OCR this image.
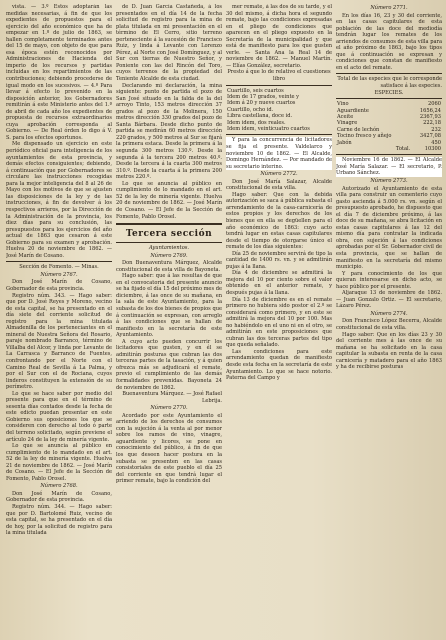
vista. — 3.º Éstos adoptarán las medidas necesarias, á fin de que los expedientes de propuestos para el ejercicio del año económico que ha de empezar en 1.º de julio de 1863, se hallen completamente terminados antes del 15 de mayo, con objeto de que para esa época estén reconocidos por Administraciones de Hacienda del imperio de los recursos y partidas incluidas en los repartimientos de las contribuciones; debiendo procederse de igual modo en los sucesivos. — 4.º Para llevar á efecto lo prevenido en la disposición anterior, los Gobernadores remitirán á este Ministerio antes del 1.º de abril de cada año los expedientes de propuesta de recursos extraordinarios cuya aprobación corresponda al Gobierno. — De Real órden lo digo á V. S. para los efectos oportunos.

Me dispensado un ejercicio en este periódico oficial para inteligencia de los ayuntamientos de esta provincia, y demás efectos consiguientes; debiendo, á continuación que por Gobernadores se circulare las instrucciones recogidas para la mejor inteligencia del 8 al 26 de Mayo con los motivos de que se ajusten las disposiciones de la ley y de las instrucciones, á fin de devolver á los respectivos arrieros, por la Dirección de la Administración de la provincia, los diez días para su conclusión, las presupuestos para los ejercicios del año actual de 1863 que cesaron á este Gobierno para su examen y aprobación. Huelva 20 de noviembre de 1862. — José Marín de Cosano.

Sección de Fomento. — Minas.

Número 2767.

Don José Marín de Cosano, Gobernador de esta provincia.

Registro núm. 343. — Hago saber: que por D. José Reyes y Moreno, vecino de esta capital, se ha presentado en el día siete del corriente solicitud de registro para la mina titulada Almadenilla de los perteneciantes en el mineral de Nuestra Señora del Rosario, paraje nombrado Barranco, término de Villalba del Alcor, y linda por Levante de La Carrasca y Barranco de Fuentes, confrontando por el Norte con el Camino Real de Sevilla á La Palma, y por el Sur con el de Rociana, cuyos linderos constituyen la extensión de su perímetro.

Lo que se hace saber por medio del presente para que en el término de sesenta días contados desde la fecha de este edicto puedan presentar en este Gobierno sus oposiciones los que se consideren con derecho al todo ó parte del terreno solicitado, según previene el artículo 24 de la ley de minería vigente.

Lo que se anuncia al público en cumplimiento de lo mandado en el art. 52 de la ley de minería vigente. Huelva 21 de noviembre de 1862. — José Marín de Cosano. — El Jefe de la Sección de Fomento, Pablo Orosel.

Número 2768.

Don José Marín de Cosano, Gobernador de esta provincia.

Registro núm. 344. — Hago saber: que por D. Bartolomé Ruiz, vecino de esta capital, se ha presentado en el día de hoy, por la solicitud de registro para la mina titulada

de D. Juan García Castañeda, á los presentados en el día 14 de la fecha solicitud de registro para la mina de plata titulada en mi presentación en el término de El Cerro, sitio terreno perteneciente á la sucesión de Francisco Ruiz, y linda á Levante con Lorenzo Pérez, al Norte con José Domínguez, y al Sur con tierras de Nuestro Señor, y Poniente con las del Rincón del Toro, cuyos terrenos de la propiedad del Teniente Alcalde de esta ciudad.

Declarando mi declaración, la mina siguiente: punto de partida el pozo de San José situado en la falda de la del arroyo Tinto, 153 metros dirección 37 grados al pozo de la Molinera, 150 metros dirección 330 grados del pozo de Santa Bárbara. Desde dicho punto de partida se medirán 60 metros dirección 220 grados, y 500 metros al Sur se fijará la primera estaca. Desde la primera á la segunda 300 metros 130.º. Desde la segunda á la tercera 200 metros 40.º. Desde la tercera á la cuarta 300 metros 310.º. Desde la cuarta á la primera 200 metros 220.º.

Lo que se anuncia al público en cumplimiento de lo mandado en el art. 52 de la ley de minería vigente. Huelva 20 de noviembre de 1862. — José Marín de Cosano. — El Jefe de la Sección de Fomento, Pablo Orosel.

Tercera sección

Ayuntamientos.

Número 2769.

Don Buenaventura Márquez, Alcalde constitucional de esta villa de Bayoneta.

Hago saber: que á las resultas de que en el convocatoria del presente anuncio se ha fijado el día 15 del próximo mes de diciembre, á las once de su mañana, en la sala de este Ayuntamiento, para la subasta de los dos bienes de propios que á continuación se expresan, con arreglo á las condiciones que se hallan de manifiesto en la secretaría de este Ayuntamiento.

A cuyo acto pueden concurrir los licitadores que gusten, y en él se admitirán posturas que cubran las dos terceras partes de la tasación, y á quien ofrezca más se adjudicará el remate, previo el cumplimiento de las demás formalidades prevenidas. Bayoneta 24 de noviembre de 1862.

Buenaventura Márquez. — José Rafael Lebrija.

Número 2770.

Acordado por este Ayuntamiento el arriendo de los derechos de consumos con la sujeción á la venta al por menor sobre los ramos de vino, vinagre, aguardiente y licores, se pone en conocimiento del público, á fin de que los que deseen hacer postura en la subasta se presenten en las casas consistoriales de este pueblo el día 25 del corriente en que tendrá lugar el primer remate, bajo la condición del

mer remate, á las dos de su tarde, y el 30 del mismo, á dicha hora el segundo remate, bajo las condiciones expresadas en el pliego de condiciones que aparecen en el pliego expuesto en la Secretaría de la municipalidad y que está de manifiesto para los que gusten verle. — Santa Ana la Real 14 de noviembre de 1862. — Manuel Martín. — Elías González, secretario.

Presto á que lo de relativo el cuestiones libro

Cuartillo, seis cuartos
Idem de 17 grados, veinte y
Idem á 20 y nueve cuartos
Cuartillo, ocho id.
Libra castellana, doce id.
Idem idem, dos reales.
Idem idem, veinticuatro cuartos

Y para la concurrencia de licitadores se fija el presente. Valdelarco y noviembre 10 de 1862. — El Alcalde, Domingo Hernández. — Por mandado de su secretario interino.

Número 2772.

Don José María Salazar, Alcalde constitucional de esta villa.

Hago saber: Que con la debida autorización se saca á pública subasta el arrendamiento de la casa-carnicería de estos propios y los derechos de los bienes que en ella se degüellen para el año económico de 1863: cuyo acto tendrá lugar en estas casas capitulares desde el tiempo de otorgarse único el remate de los días siguientes:

Día 25 de noviembre servirá de tipo la cantidad de 1400 rs. vn. y se admitirán pujas á la llana.

Día 4 de diciembre se admitirá la mejora del 10 por ciento sobre el valor obtenido en el anterior remate, y después pujas á la llana.

Día 13 de diciembre es en el remate primero no hubiera sido postor el 2.º se considerará como primero, y en este se admitirá la mejora del 10 por 100. Mas no habiéndolo en el uno ni en el otro, se admitirán en este proposiciones que cubran las dos terceras partes del tipo que queda señalado.

Las condiciones para este arrendamiento quedan de manifiesto desde esta fecha en la secretaría de este Ayuntamiento. Lo que se hace notorio. Paterna del Campo y

Número 2771.

En los días 16, 23 y 30 del corriente, en las casas capitulares de esta población de las doce del mediodía tendrán lugar los remates de los arriendos de consumos de esta villa para el año próximo de 1863, bajo los tipos que á continuación se expresan y condiciones que constan de manifiesto en el acto del remate.

Total de las especies que le corresponde satisface á las especies.

ESPECIES.

Vino	2060
Aguardiente	1656,24
Aceite	2367,93
Vinagre	222,18
Carne de lechón	232
Tocino fresco y añejo	3427,08
Jabón	450
Total.	10300

Noviembre 16 de 1862. — El Alcalde José María Salazar. — El secretario, P. Urbano Sánchez.

Número 2773.

Autorizado el Ayuntamiento de esta villa para construir un cementerio cuyo gasto ascienda á 5.000 rs. vn. según el presupuesto aprobado, he dispuesto que el día 7 de diciembre próximo, á las doce de su mañana, se abra licitación en estas casas capitulares á las 12 del mismo día para contratar la indicada obra, con sujeción á las condiciones aprobadas por el Sr. Gobernador civil de esta provincia, que se hallan de manifiesto en la secretaría del mismo municipio.

Y para conocimiento de los que quieran interesarse en dicho acto, se hace público por el presente.

Aljaraque 13 de noviembre de 1862. — Juan Gonzalo Ortiz. — El secretario, Lázaro Pérez.

Número 2774.

Don Francisco López Becerra, Alcalde constitucional de esta villa.

Hago saber: Que en los días 23 y 30 del corriente mes á las once de su mañana se ha solicitado en la casa capitular la subasta en renta de la casa carnicería y matadero para el año 1863 y ha de recibirse posturas
